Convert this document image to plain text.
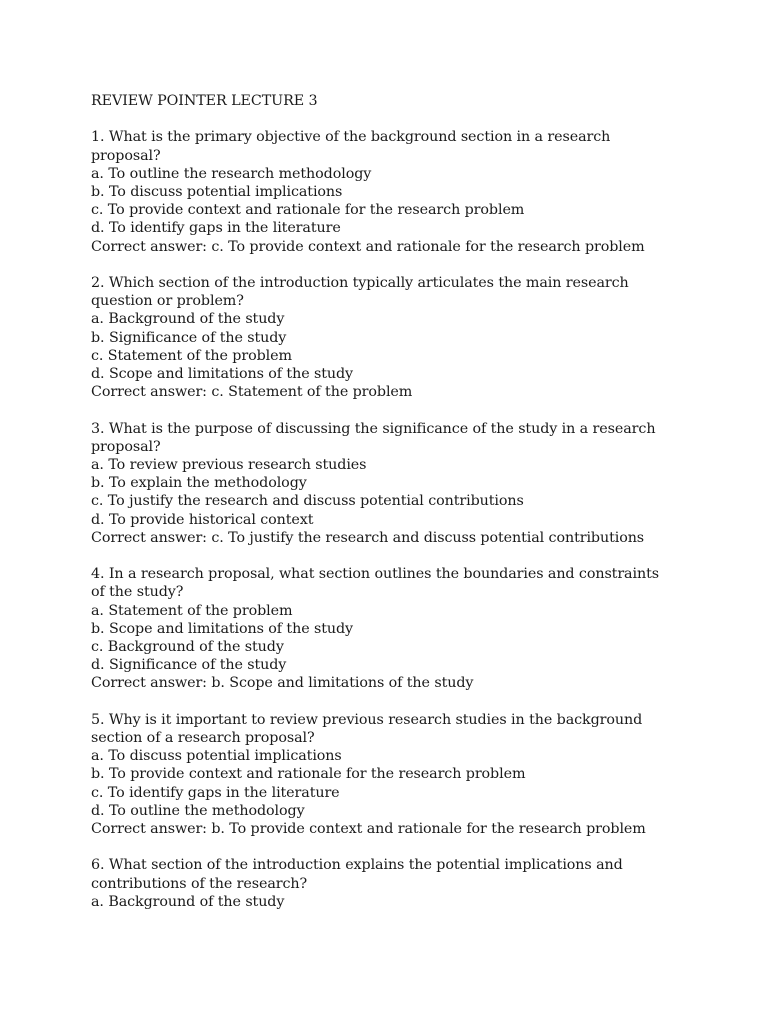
REVIEW POINTER LECTURE 3
1. What is the primary objective of the background section in a research
proposal?
a. To outline the research methodology
b. To discuss potential implications
c. To provide context and rationale for the research problem
d. To identify gaps in the literature
Correct answer: c. To provide context and rationale for the research problem
2. Which section of the introduction typically articulates the main research
question or problem?
a. Background of the study
b. Significance of the study
c. Statement of the problem
d. Scope and limitations of the study
Correct answer: c. Statement of the problem
3. What is the purpose of discussing the significance of the study in a research
proposal?
a. To review previous research studies
b. To explain the methodology
c. To justify the research and discuss potential contributions
d. To provide historical context
Correct answer: c. To justify the research and discuss potential contributions
4. In a research proposal, what section outlines the boundaries and constraints
of the study?
a. Statement of the problem
b. Scope and limitations of the study
c. Background of the study
d. Significance of the study
Correct answer: b. Scope and limitations of the study
5. Why is it important to review previous research studies in the background
section of a research proposal?
a. To discuss potential implications
b. To provide context and rationale for the research problem
c. To identify gaps in the literature
d. To outline the methodology
Correct answer: b. To provide context and rationale for the research problem
6. What section of the introduction explains the potential implications and
contributions of the research?
a. Background of the study
